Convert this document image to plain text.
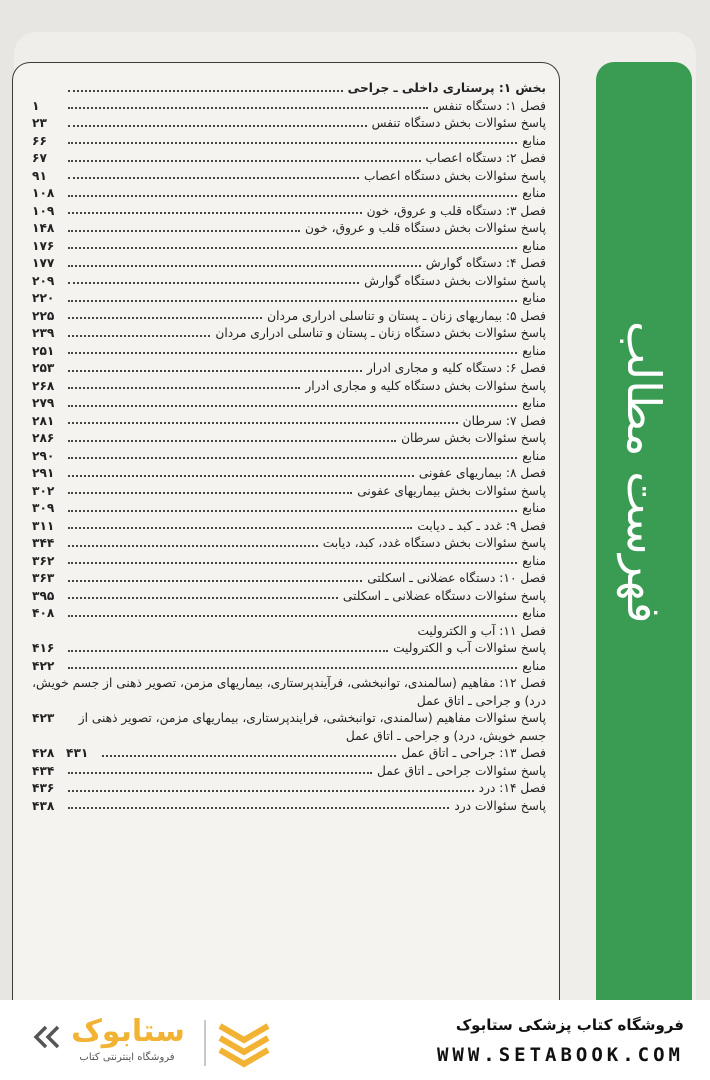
بخش ۱: پرستاری داخلی ـ جراحی
فصل ۱: دستگاه تنفس
۱
پاسخ سئوالات بخش دستگاه تنفس
۲۳
منابع
۶۶
فصل ۲: دستگاه اعصاب
۶۷
پاسخ سئوالات بخش دستگاه اعصاب
۹۱
منابع
۱۰۸
فصل ۳: دستگاه قلب و عروق، خون
۱۰۹
پاسخ سئوالات بخش دستگاه قلب و عروق، خون
۱۴۸
منابع
۱۷۶
فصل ۴: دستگاه گوارش
۱۷۷
پاسخ سئوالات بخش دستگاه گوارش
۲۰۹
منابع
۲۲۰
فصل ۵: بیماریهای زنان ـ پستان و تناسلی ادراری مردان
۲۲۵
پاسخ سئوالات بخش دستگاه زنان ـ پستان و تناسلی ادراری مردان
۲۳۹
منابع
۲۵۱
فصل ۶: دستگاه کلیه و مجاری ادرار
۲۵۳
پاسخ سئوالات بخش دستگاه کلیه و مجاری ادرار
۲۶۸
منابع
۲۷۹
فصل ۷: سرطان
۲۸۱
پاسخ سئوالات بخش سرطان
۲۸۶
منابع
۲۹۰
فصل ۸: بیماریهای عفونی
۲۹۱
پاسخ سئوالات بخش بیماریهای عفونی
۳۰۲
منابع
۳۰۹
فصل ۹: غدد ـ کبد ـ دیابت
۳۱۱
پاسخ سئوالات بخش دستگاه غدد، کبد، دیابت
۳۴۴
منابع
۳۶۲
فصل ۱۰: دستگاه عضلانی ـ اسکلتی
۳۶۳
پاسخ سئوالات دستگاه عضلانی ـ اسکلتی
۳۹۵
منابع
۴۰۸
فصل ۱۱: آب و الکترولیت
پاسخ سئوالات آب و الکترولیت
۴۱۶
منابع
۴۲۲
فصل ۱۲: مفاهیم (سالمندی، توانبخشی، فرآیندپرستاری، بیماریهای مزمن، تصویر ذهنی از جسم خویش، درد) و جراحی ـ اتاق عمل
۴۲۳	پاسخ سئوالات مفاهیم (سالمندی، توانبخشی، فرایندپرستاری، بیماریهای مزمن، تصویر ذهنی از جسم خویش، درد) و جراحی ـ اتاق عمل
۴۲۸	فصل ۱۳: جراحی ـ اتاق عمل
۴۳۱
پاسخ سئوالات جراحی ـ اتاق عمل
۴۳۴
فصل ۱۴: درد
۴۳۶
پاسخ سئوالات درد
۴۳۸
فهرست مطالب
فروشگاه کتاب پزشکی ستابوک
WWW.SETABOOK.COM
ستابوک
فروشگاه اینترنتی کتاب
